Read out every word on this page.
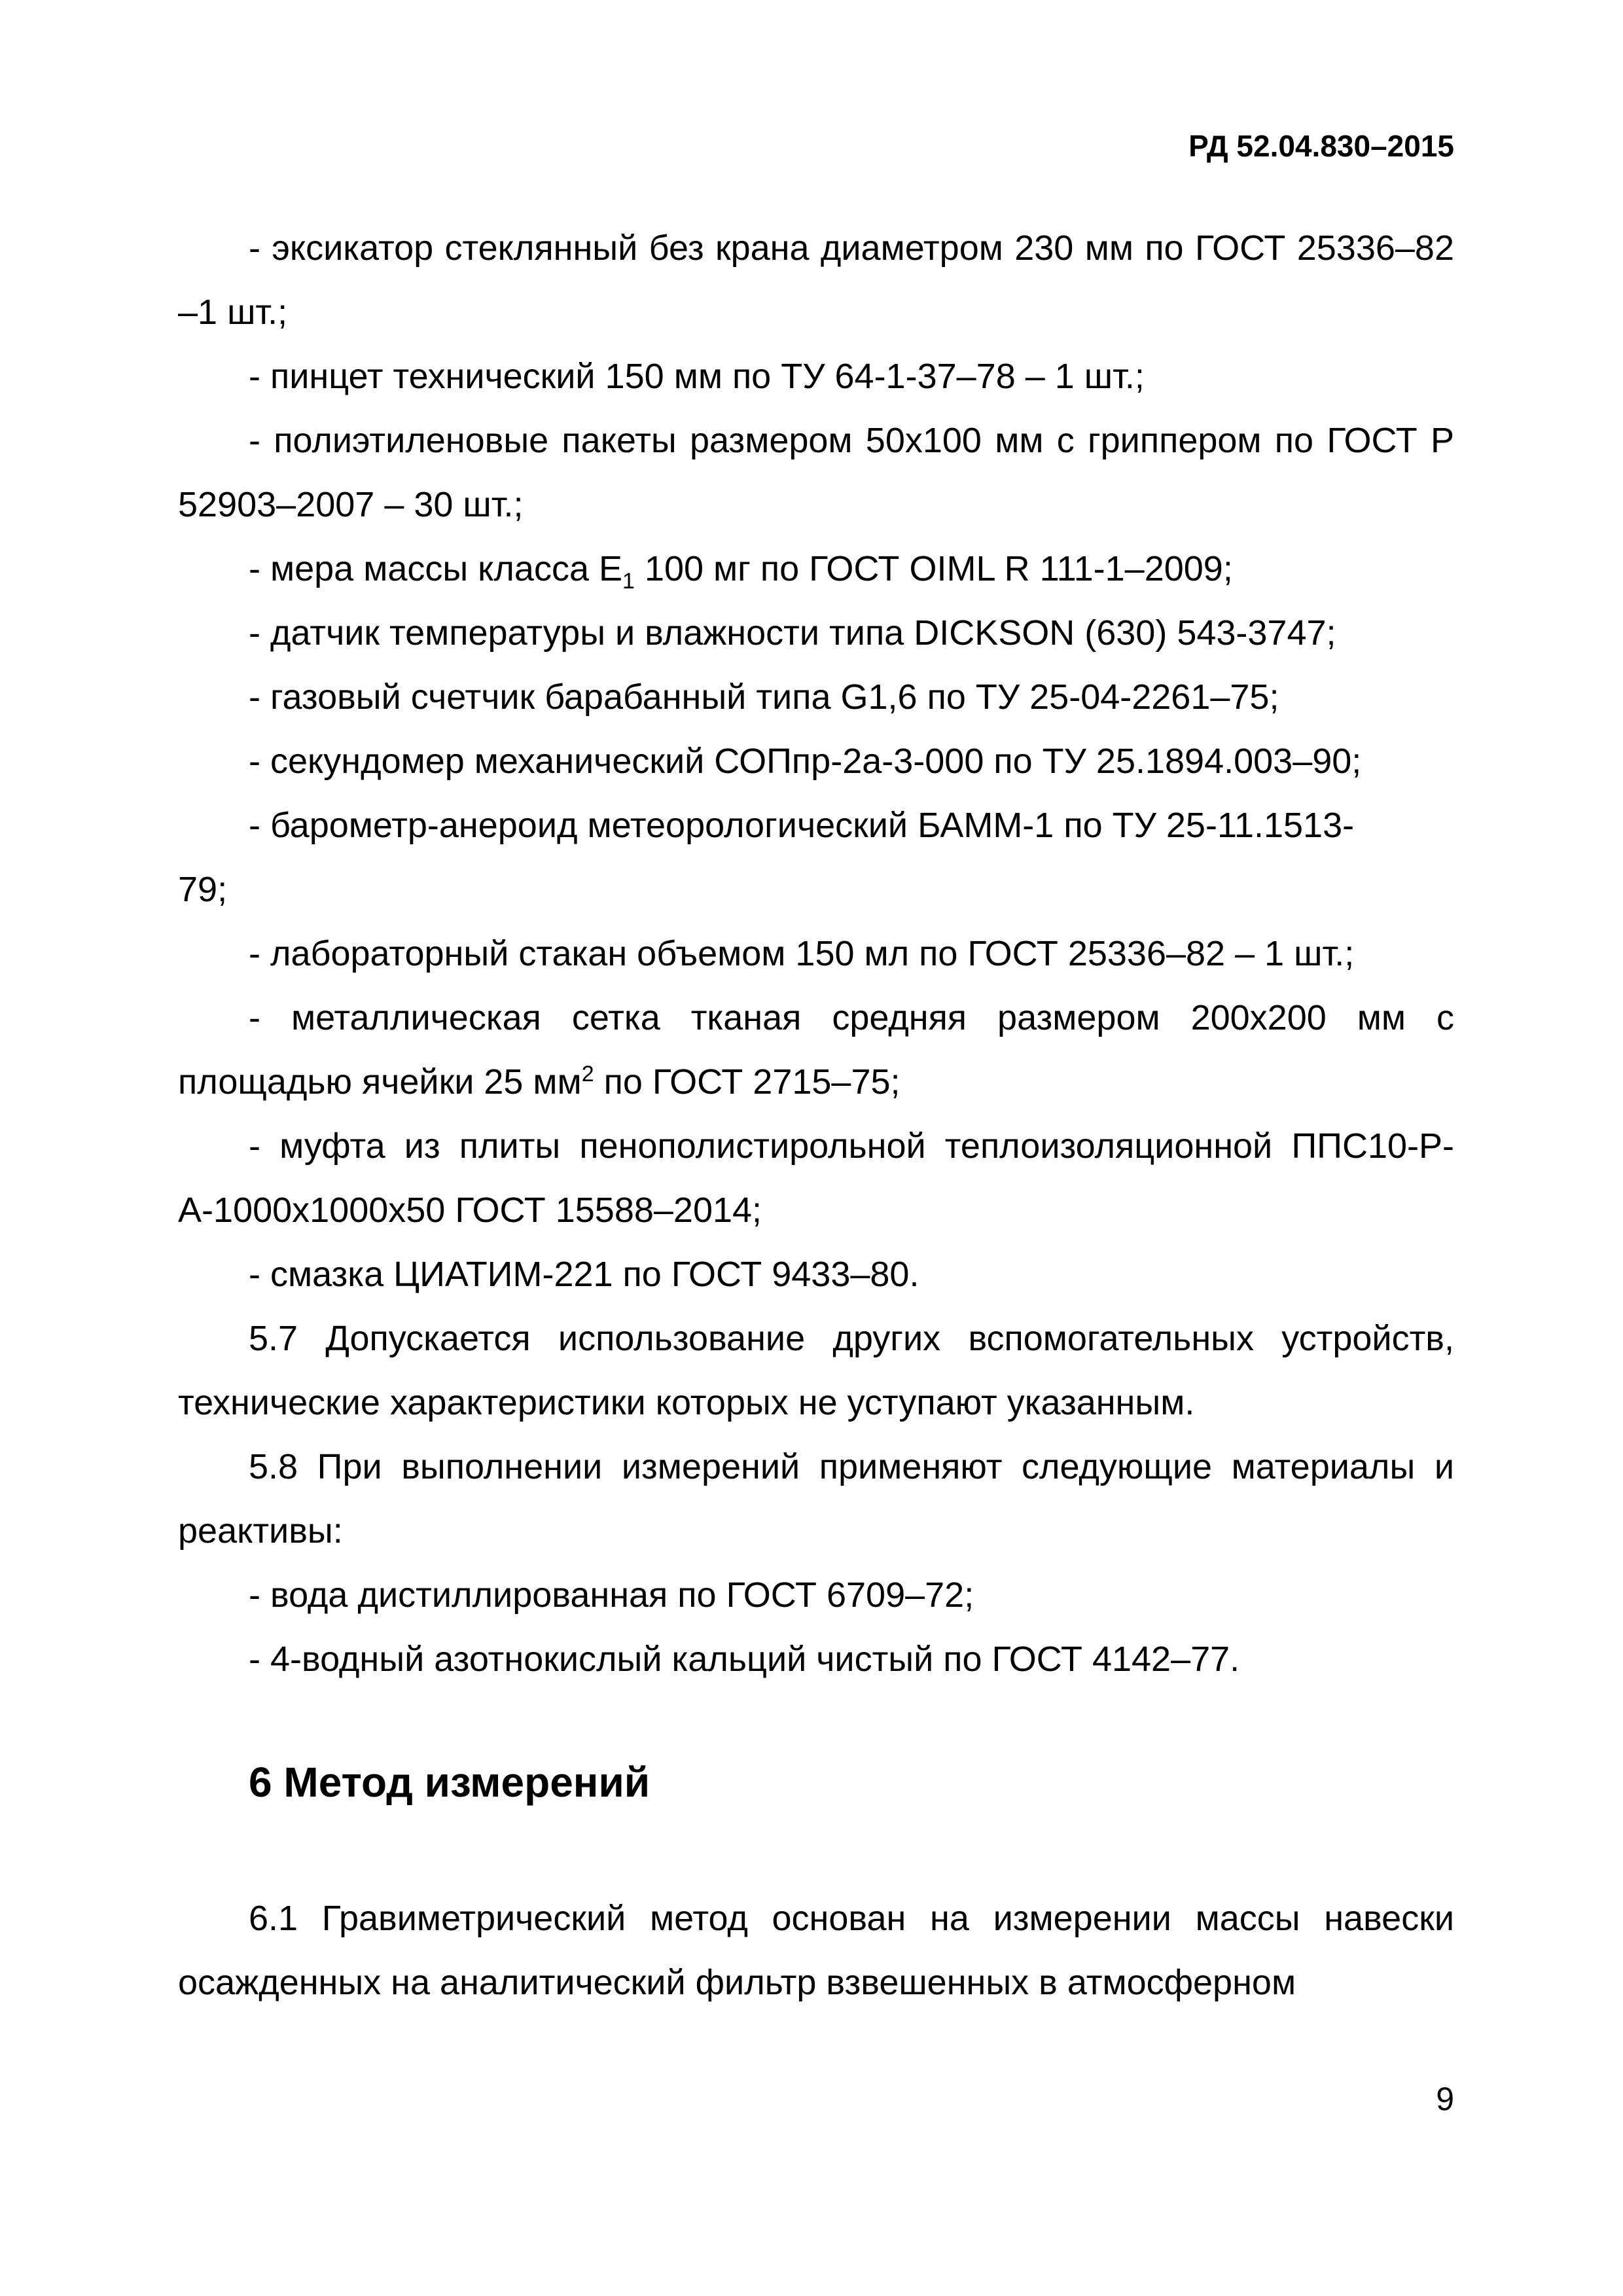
РД 52.04.830–2015

- эксикатор стеклянный без крана диаметром 230 мм по ГОСТ 25336–82 –1 шт.;

- пинцет технический 150 мм по ТУ 64-1-37–78 – 1 шт.;

- полиэтиленовые пакеты размером 50х100 мм с гриппером по ГОСТ Р 52903–2007 – 30 шт.;

- мера массы класса $Е_1$ 100 мг по ГОСТ OIML R 111-1–2009;

- датчик температуры и влажности типа DICKSON (630) 543-3747;

- газовый счетчик барабанный типа G1,6 по ТУ 25-04-2261–75;

- секундомер механический СОПпр-2а-3-000 по ТУ 25.1894.003–90;

- барометр-анероид метеорологический БАММ-1 по ТУ 25-11.1513-

79;

- лабораторный стакан объемом 150 мл по ГОСТ 25336–82 – 1 шт.;

- металлическая сетка тканая средняя размером 200х200 мм с площадью ячейки 25 $мм^2$ по ГОСТ 2715–75;

- муфта из плиты пенополистирольной теплоизоляционной ППС10-Р-А-1000х1000х50 ГОСТ 15588–2014;

- смазка ЦИАТИМ-221 по ГОСТ 9433–80.

5.7 Допускается использование других вспомогательных устройств, технические характеристики которых не уступают указанным.

5.8 При выполнении измерений применяют следующие материалы и реактивы:

- вода дистиллированная по ГОСТ 6709–72;

- 4-водный азотнокислый кальций чистый по ГОСТ 4142–77.

6 Метод измерений

6.1 Гравиметрический метод основан на измерении массы навески осажденных на аналитический фильтр взвешенных в атмосферном

9
